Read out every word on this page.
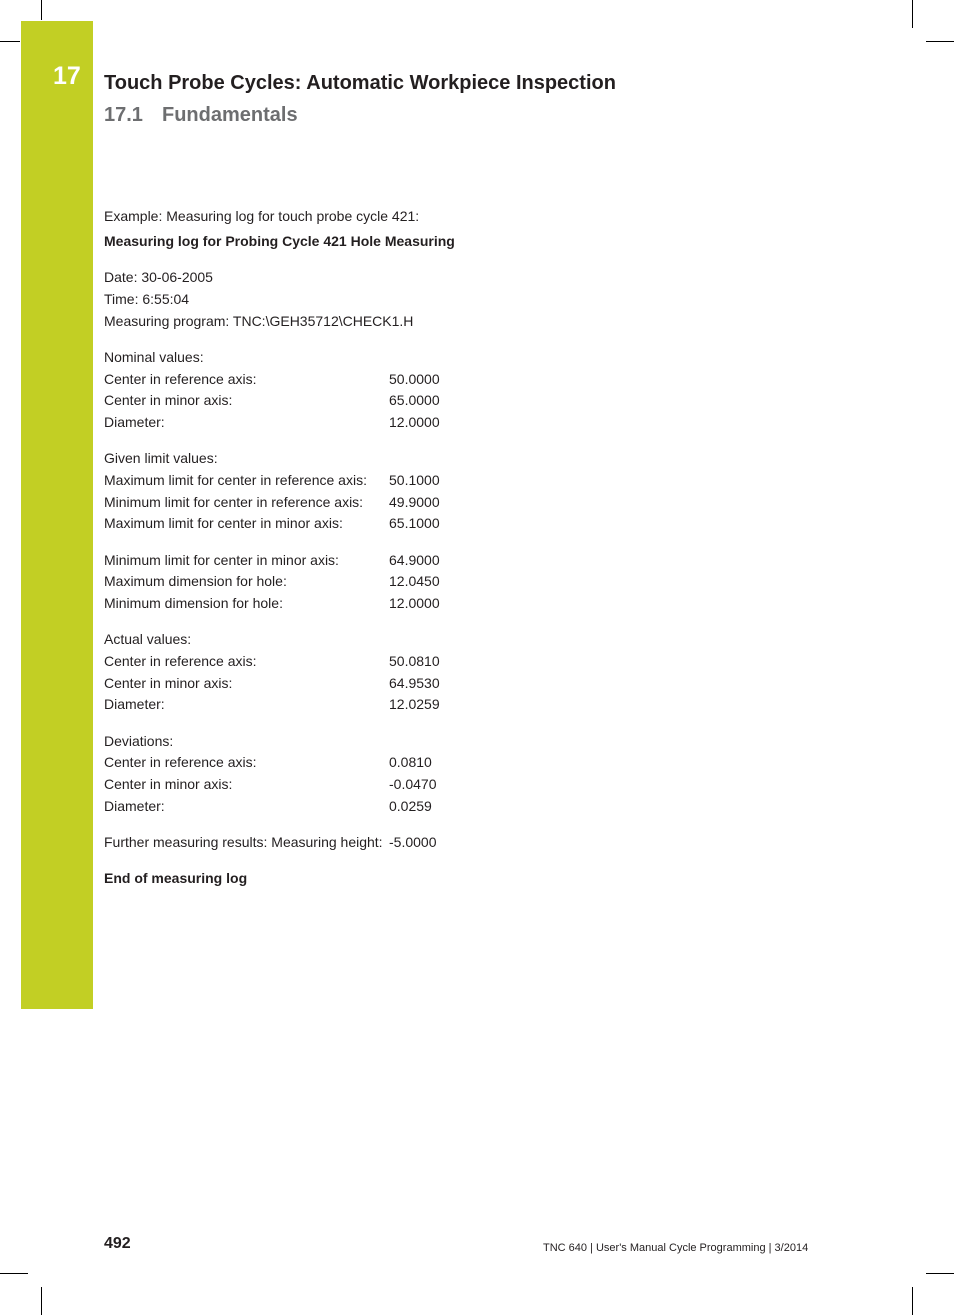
17 Touch Probe Cycles: Automatic Workpiece Inspection
17.1 Fundamentals

Example: Measuring log for touch probe cycle 421:

Measuring log for Probing Cycle 421 Hole Measuring

Date: 30-06-2005

Time: 6:55:04

Measuring program: TNC:\GEH35712\CHECK1.H

Nominal values:

Center in reference axis:	50.0000
Center in minor axis:	65.0000
Diameter:	12.0000

Given limit values:

Maximum limit for center in reference axis:	50.1000
Minimum limit for center in reference axis:	49.9000
Maximum limit for center in minor axis:	65.1000
Minimum limit for center in minor axis:	64.9000
Maximum dimension for hole:	12.0450
Minimum dimension for hole:	12.0000

Actual values:

Center in reference axis:	50.0810
Center in minor axis:	64.9530
Diameter:	12.0259

Deviations:

Center in reference axis:	0.0810
Center in minor axis:	-0.0470
Diameter:	0.0259
Further measuring results: Measuring height: -5.0000

End of measuring log

492	TNC 640 | User's Manual Cycle Programming | 3/2014
